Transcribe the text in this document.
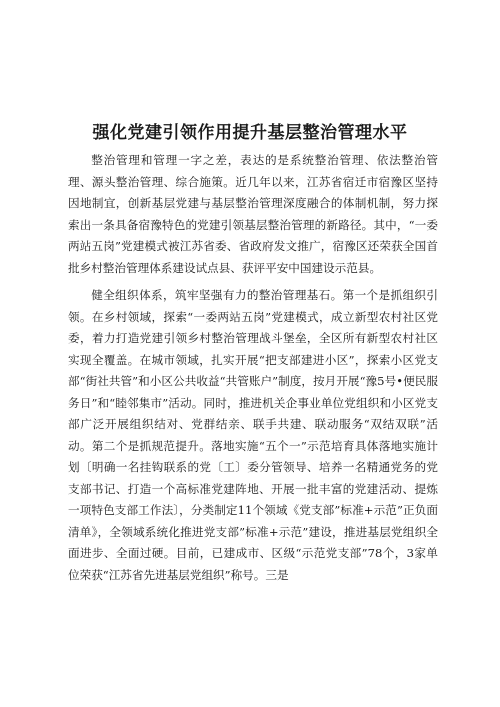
强化党建引领作用提升基层整治管理水平

整治管理和管理一字之差，表达的是系统整治管理、依法整治管理、源头整治管理、综合施策。近几年以来，江苏省宿迁市宿豫区坚持因地制宜，创新基层党建与基层整治管理深度融合的体制机制，努力探索出一条具备宿豫特色的党建引领基层整治管理的新路径。其中，“一委两站五岗”党建模式被江苏省委、省政府发文推广，宿豫区还荣获全国首批乡村整治管理体系建设试点县、获评平安中国建设示范县。

健全组织体系，筑牢坚强有力的整治管理基石。第一个是抓组织引领。在乡村领域，探索“一委两站五岗”党建模式，成立新型农村社区党委，着力打造党建引领乡村整治管理战斗堡垒，全区所有新型农村社区实现全覆盖。在城市领域，扎实开展“把支部建进小区”，探索小区党支部“街社共管”和小区公共收益“共管账户”制度，按月开展“豫5号•便民服务日”和“睦邻集市”活动。同时，推进机关企事业单位党组织和小区党支部广泛开展组织结对、党群结亲、联手共建、联动服务“双结双联”活动。第二个是抓规范提升。落地实施“五个一”示范培育具体落地实施计划〔明确一名挂钩联系的党〔工〕委分管领导、培养一名精通党务的党支部书记、打造一个高标准党建阵地、开展一批丰富的党建活动、提炼一项特色支部工作法〕，分类制定11个领域《党支部”标准+示范”正负面清单》，全领域系统化推进党支部”标准+示范”建设，推进基层党组织全面进步、全面过硬。目前，已建成市、区级“示范党支部”78个，3家单位荣获“江苏省先进基层党组织”称号。三是
